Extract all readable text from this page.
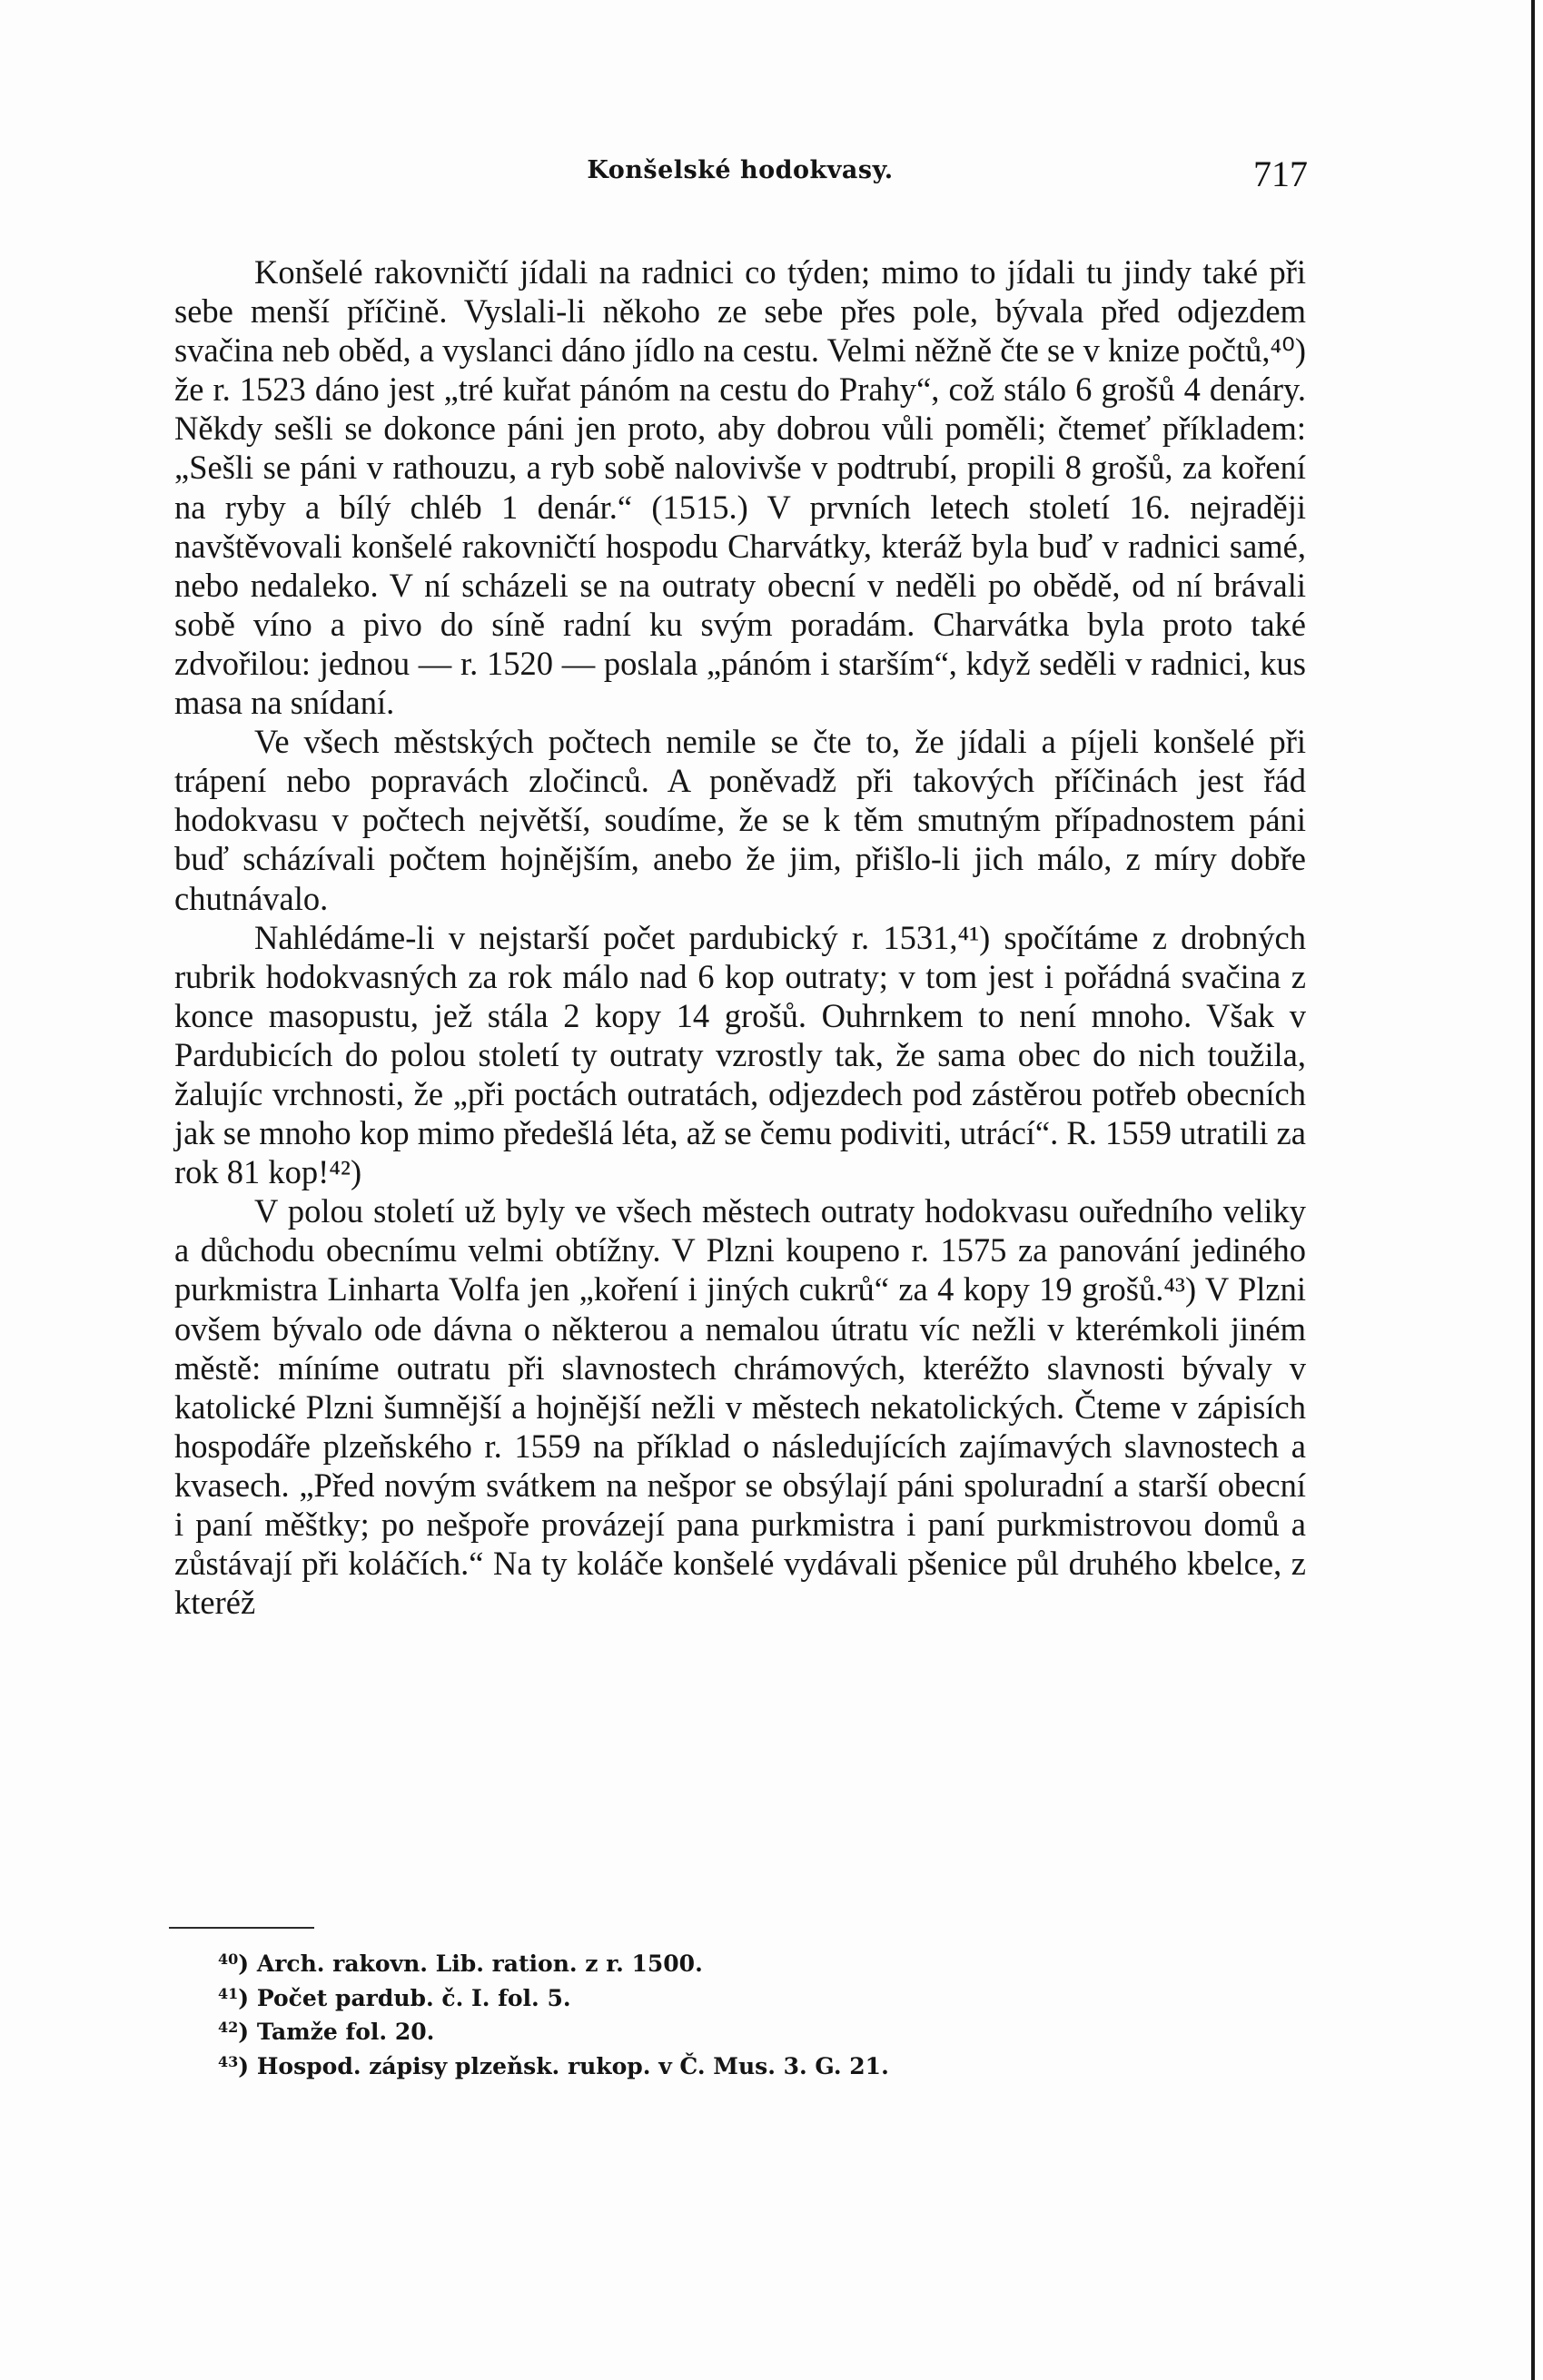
Konšelské hodokvasy.	717

Konšelé rakovničtí jídali na radnici co týden; mimo to jídali tu jindy také při sebe menší příčině. Vyslali-li někoho ze sebe přes pole, bývala před odjezdem svačina neb oběd, a vyslanci dáno jídlo na cestu. Velmi něžně čte se v knize počtů,⁴⁰) že r. 1523 dáno jest „tré kuřat pánóm na cestu do Prahy“, což stálo 6 grošů 4 denáry. Někdy sešli se dokonce páni jen proto, aby dobrou vůli poměli; čtemeť příkladem: „Sešli se páni v rathouzu, a ryb sobě nalovivše v podtrubí, propili 8 grošů, za koření na ryby a bílý chléb 1 denár.“ (1515.) V prvních letech století 16. nejraději navštěvovali konšelé rakovničtí hospodu Charvátky, kteráž byla buď v radnici samé, nebo nedaleko. V ní scházeli se na outraty obecní v neděli po obědě, od ní brávali sobě víno a pivo do síně radní ku svým poradám. Charvátka byla proto také zdvořilou: jednou — r. 1520 — poslala „pánóm i starším“, když seděli v radnici, kus masa na snídaní.

Ve všech městských počtech nemile se čte to, že jídali a píjeli konšelé při trápení nebo popravách zločinců. A poněvadž při takových příčinách jest řád hodokvasu v počtech největší, soudíme, že se k těm smutným případnostem páni buď scházívali počtem hojnějším, anebo že jim, přišlo-li jich málo, z míry dobře chutnávalo.

Nahlédáme-li v nejstarší počet pardubický r. 1531,⁴¹) spočítáme z drobných rubrik hodokvasných za rok málo nad 6 kop outraty; v tom jest i pořádná svačina z konce masopustu, jež stála 2 kopy 14 grošů. Ouhrnkem to není mnoho. Však v Pardubicích do polou století ty outraty vzrostly tak, že sama obec do nich toužila, žalujíc vrchnosti, že „při poctách outratách, odjezdech pod zástěrou potřeb obecních jak se mnoho kop mimo předešlá léta, až se čemu podiviti, utrácí“. R. 1559 utratili za rok 81 kop!⁴²)

V polou století už byly ve všech městech outraty hodokvasu ouředního veliky a důchodu obecnímu velmi obtížny. V Plzni koupeno r. 1575 za panování jediného purkmistra Linharta Volfa jen „koření i jiných cukrů“ za 4 kopy 19 grošů.⁴³) V Plzni ovšem bývalo ode dávna o některou a nemalou útratu víc nežli v kterémkoli jiném městě: míníme outratu při slavnostech chrámových, kteréžto slavnosti bývaly v katolické Plzni šumnější a hojnější nežli v městech nekatolických. Čteme v zápisích hospodáře plzeňského r. 1559 na příklad o následujících zajímavých slavnostech a kvasech. „Před novým svátkem na nešpor se obsýlají páni spoluradní a starší obecní i paní měštky; po nešpoře provázejí pana purkmistra i paní purkmistrovou domů a zůstávají při koláčích.“ Na ty koláče konšelé vydávali pšenice půl druhého kbelce, z kteréž

$^{40}$) Arch. rakovn. Lib. ration. z r. 1500.

$^{41}$) Počet pardub. č. I. fol. 5.

$^{42}$) Tamže fol. 20.

$^{43}$) Hospod. zápisy plzeňsk. rukop. v Č. Mus. 3. G. 21.
